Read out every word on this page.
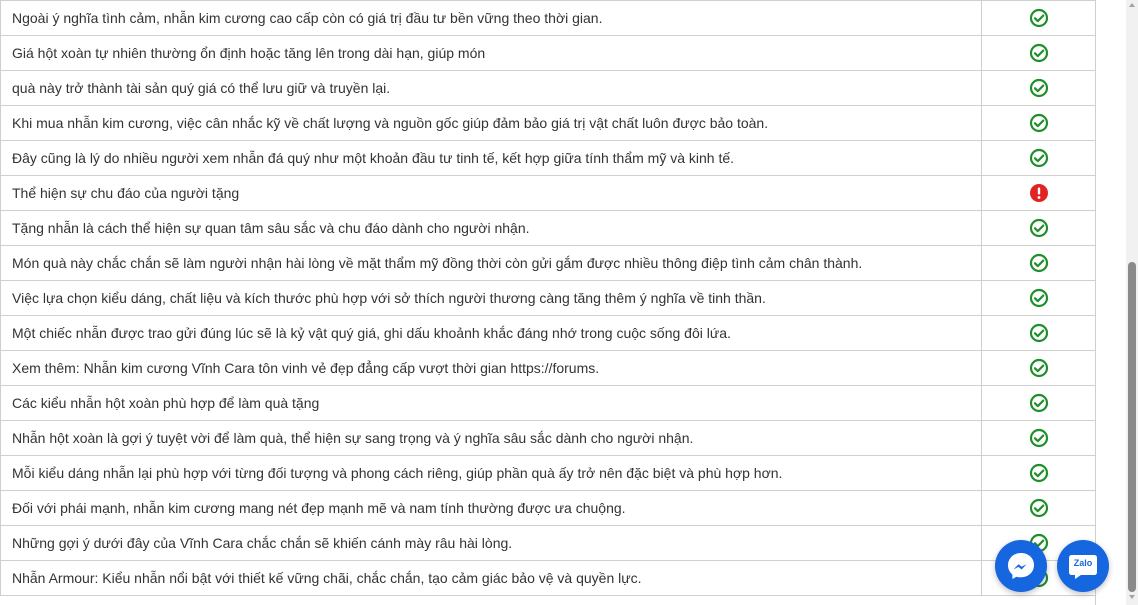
Ngoài ý nghĩa tình cảm, nhẫn kim cương cao cấp còn có giá trị đầu tư bền vững theo thời gian.	
Giá hột xoàn tự nhiên thường ổn định hoặc tăng lên trong dài hạn, giúp món	
quà này trở thành tài sản quý giá có thể lưu giữ và truyền lại.	
Khi mua nhẫn kim cương, việc cân nhắc kỹ về chất lượng và nguồn gốc giúp đảm bảo giá trị vật chất luôn được bảo toàn.	
Đây cũng là lý do nhiều người xem nhẫn đá quý như một khoản đầu tư tinh tế, kết hợp giữa tính thẩm mỹ và kinh tế.	
Thể hiện sự chu đáo của người tặng	
Tặng nhẫn là cách thể hiện sự quan tâm sâu sắc và chu đáo dành cho người nhận.	
Món quà này chắc chắn sẽ làm người nhận hài lòng về mặt thẩm mỹ đồng thời còn gửi gắm được nhiều thông điệp tình cảm chân thành.	
Việc lựa chọn kiểu dáng, chất liệu và kích thước phù hợp với sở thích người thương càng tăng thêm ý nghĩa về tinh thần.	
Một chiếc nhẫn được trao gửi đúng lúc sẽ là kỷ vật quý giá, ghi dấu khoảnh khắc đáng nhớ trong cuộc sống đôi lứa.	
Xem thêm: Nhẫn kim cương Vĩnh Cara tôn vinh vẻ đẹp đẳng cấp vượt thời gian https://forums.	
Các kiểu nhẫn hột xoàn phù hợp để làm quà tặng	
Nhẫn hột xoàn là gợi ý tuyệt vời để làm quà, thể hiện sự sang trọng và ý nghĩa sâu sắc dành cho người nhận.	
Mỗi kiểu dáng nhẫn lại phù hợp với từng đối tượng và phong cách riêng, giúp phần quà ấy trở nên đặc biệt và phù hợp hơn.	
Đối với phái mạnh, nhẫn kim cương mang nét đẹp mạnh mẽ và nam tính thường được ưa chuộng.	
Những gợi ý dưới đây của Vĩnh Cara chắc chắn sẽ khiến cánh mày râu hài lòng.	
Nhẫn Armour: Kiểu nhẫn nổi bật với thiết kế vững chãi, chắc chắn, tạo cảm giác bảo vệ và quyền lực.	
Zalo
